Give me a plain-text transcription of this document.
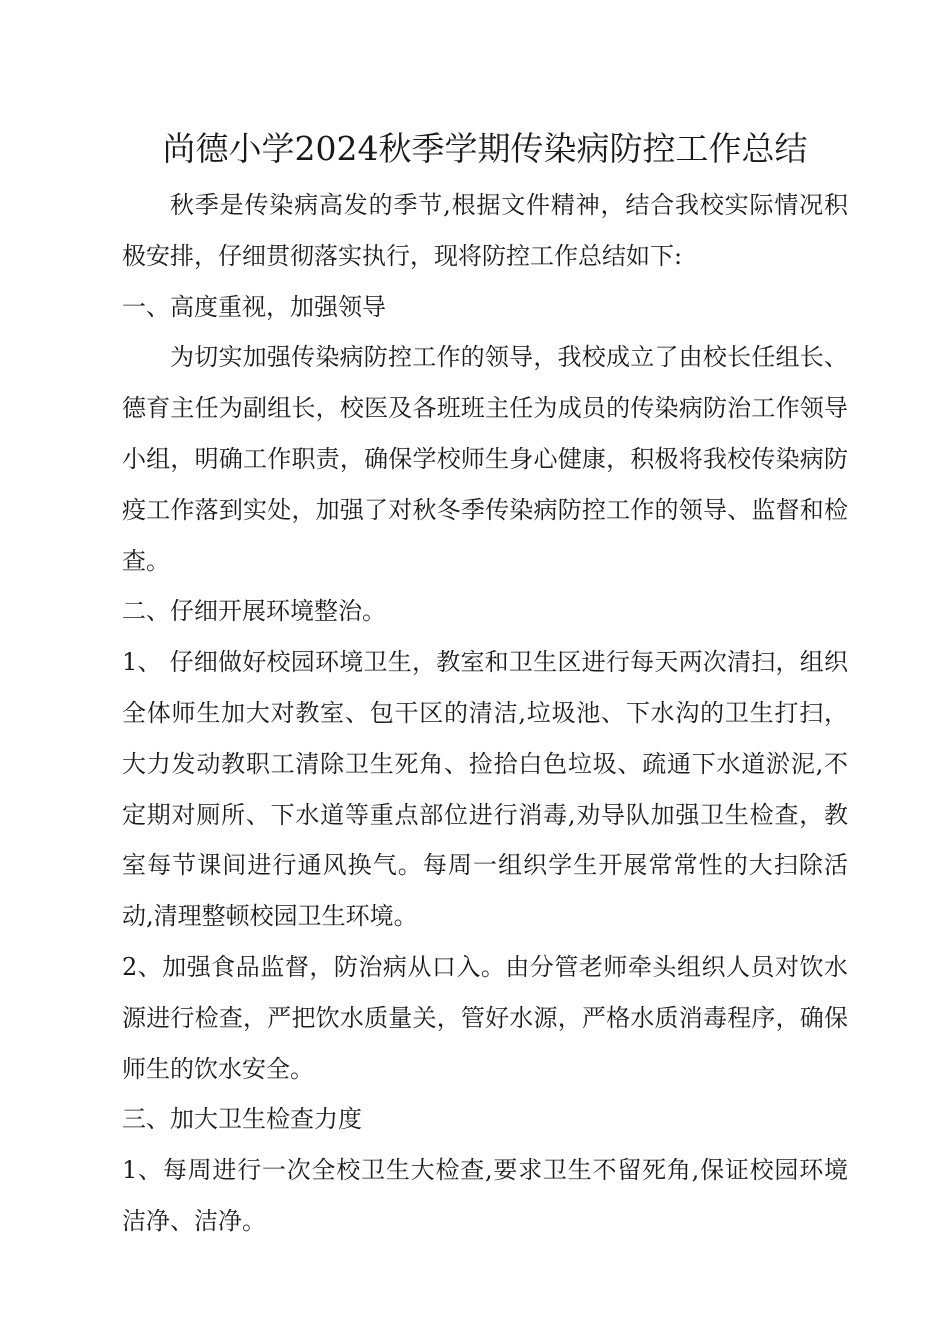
尚德小学2024秋季学期传染病防控工作总结

秋季是传染病高发的季节,根据文件精神，结合我校实际情况积极安排，仔细贯彻落实执行，现将防控工作总结如下:

一、高度重视，加强领导

为切实加强传染病防控工作的领导，我校成立了由校长任组长、德育主任为副组长，校医及各班班主任为成员的传染病防治工作领导小组，明确工作职责，确保学校师生身心健康，积极将我校传染病防疫工作落到实处，加强了对秋冬季传染病防控工作的领导、监督和检查。

二、仔细开展环境整治。

1、 仔细做好校园环境卫生，教室和卫生区进行每天两次清扫，组织全体师生加大对教室、包干区的清洁,垃圾池、下水沟的卫生打扫，大力发动教职工清除卫生死角、捡拾白色垃圾、疏通下水道淤泥,不定期对厕所、下水道等重点部位进行消毒,劝导队加强卫生检查，教室每节课间进行通风换气。每周一组织学生开展常常性的大扫除活动,清理整顿校园卫生环境。

2、加强食品监督，防治病从口入。由分管老师牵头组织人员对饮水源进行检查，严把饮水质量关，管好水源，严格水质消毒程序，确保师生的饮水安全。

三、加大卫生检查力度

1、每周进行一次全校卫生大检查,要求卫生不留死角,保证校园环境洁净、洁净。
